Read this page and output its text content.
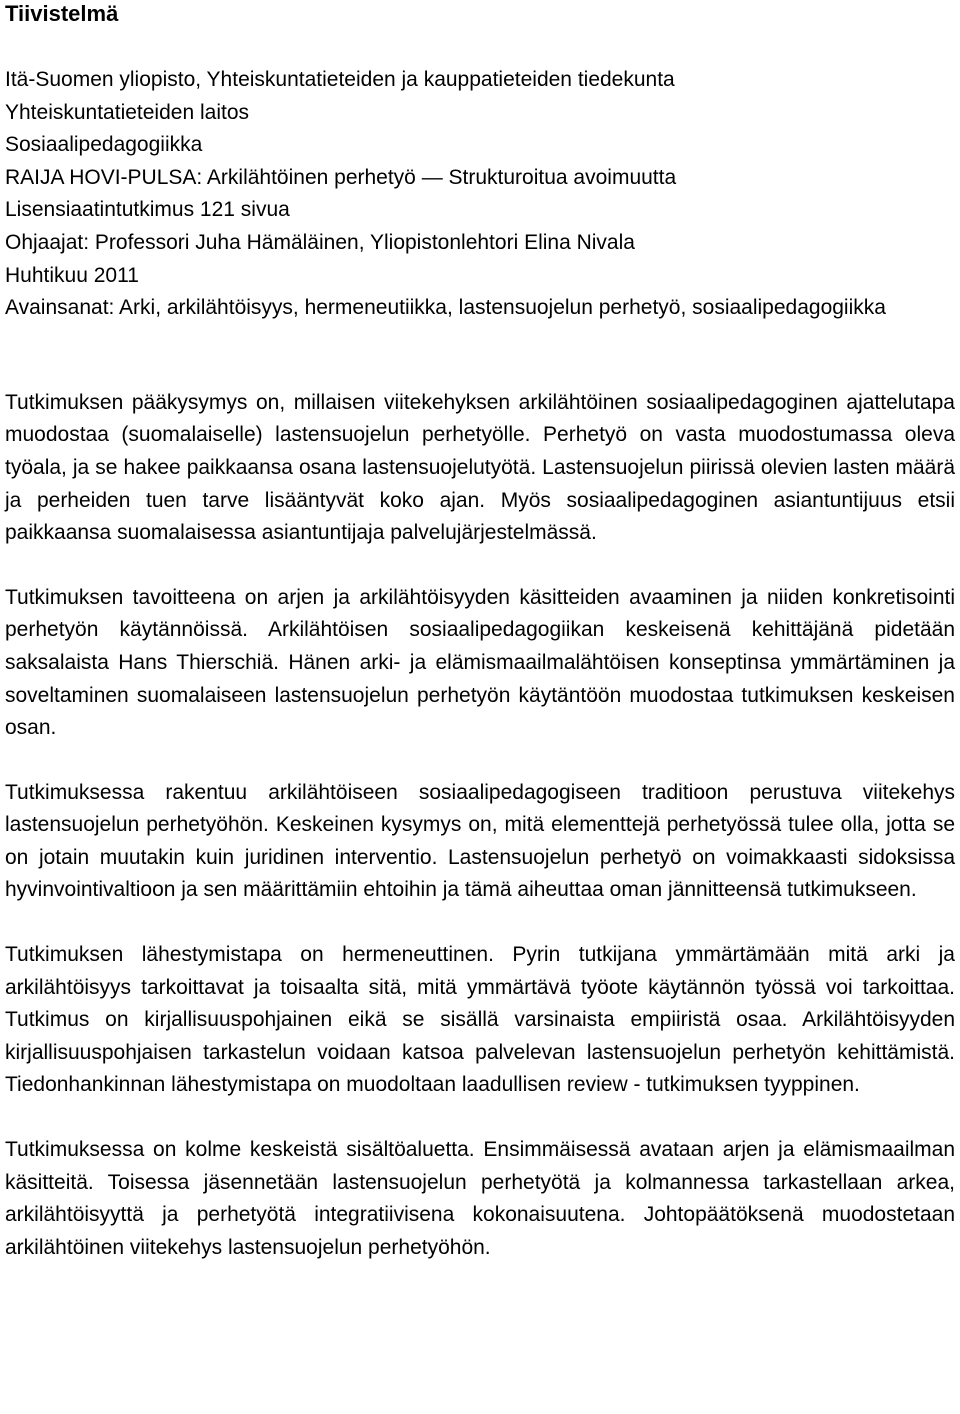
Tiivistelmä
Itä-Suomen yliopisto, Yhteiskuntatieteiden ja kauppatieteiden tiedekunta
Yhteiskuntatieteiden laitos
Sosiaalipedagogiikka
RAIJA HOVI-PULSA: Arkilähtöinen perhetyö ― Strukturoitua avoimuutta
Lisensiaatintutkimus 121 sivua
Ohjaajat: Professori Juha Hämäläinen, Yliopistonlehtori Elina Nivala
Huhtikuu 2011
Avainsanat: Arki, arkilähtöisyys, hermeneutiikka, lastensuojelun perhetyö, sosiaalipedagogiikka

Tutkimuksen pääkysymys on, millaisen viitekehyksen arkilähtöinen sosiaalipedagoginen ajattelutapa muodostaa (suomalaiselle) lastensuojelun perhetyölle. Perhetyö on vasta muodostumassa oleva työala, ja se hakee paikkaansa osana lastensuojelutyötä. Lastensuojelun piirissä olevien lasten määrä ja perheiden tuen tarve lisääntyvät koko ajan. Myös sosiaalipedagoginen asiantuntijuus etsii paikkaansa suomalaisessa asiantuntijaja palvelujärjestelmässä.

Tutkimuksen tavoitteena on arjen ja arkilähtöisyyden käsitteiden avaaminen ja niiden konkretisointi perhetyön käytännöissä. Arkilähtöisen sosiaalipedagogiikan keskeisenä kehittäjänä pidetään saksalaista Hans Thierschiä. Hänen arki- ja elämismaailmalähtöisen konseptinsa ymmärtäminen ja soveltaminen suomalaiseen lastensuojelun perhetyön käytäntöön muodostaa tutkimuksen keskeisen osan.

Tutkimuksessa rakentuu arkilähtöiseen sosiaalipedagogiseen traditioon perustuva viitekehys lastensuojelun perhetyöhön. Keskeinen kysymys on, mitä elementtejä perhetyössä tulee olla, jotta se on jotain muutakin kuin juridinen interventio. Lastensuojelun perhetyö on voimakkaasti sidoksissa hyvinvointivaltioon ja sen määrittämiin ehtoihin ja tämä aiheuttaa oman jännitteensä tutkimukseen.

Tutkimuksen lähestymistapa on hermeneuttinen. Pyrin tutkijana ymmärtämään mitä arki ja arkilähtöisyys tarkoittavat ja toisaalta sitä, mitä ymmärtävä työote käytännön työssä voi tarkoittaa. Tutkimus on kirjallisuuspohjainen eikä se sisällä varsinaista empiiristä osaa. Arkilähtöisyyden kirjallisuuspohjaisen tarkastelun voidaan katsoa palvelevan lastensuojelun perhetyön kehittämistä. Tiedonhankinnan lähestymistapa on muodoltaan laadullisen review - tutkimuksen tyyppinen.

Tutkimuksessa on kolme keskeistä sisältöaluetta. Ensimmäisessä avataan arjen ja elämismaailman käsitteitä. Toisessa jäsennetään lastensuojelun perhetyötä ja kolmannessa tarkastellaan arkea, arkilähtöisyyttä ja perhetyötä integratiivisena kokonaisuutena. Johtopäätöksenä muodostetaan arkilähtöinen viitekehys lastensuojelun perhetyöhön.
